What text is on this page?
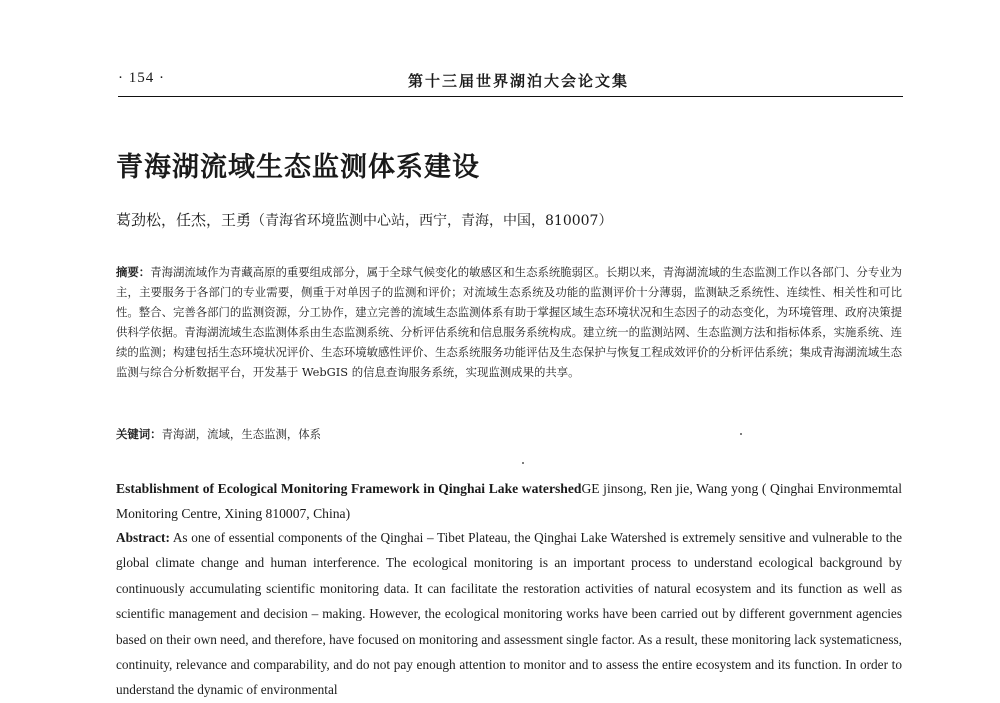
· 154 ·	第十三届世界湖泊大会论文集
青海湖流域生态监测体系建设
葛劲松，任杰，王勇（青海省环境监测中心站，西宁，青海，中国，810007）
摘要：青海湖流域作为青藏高原的重要组成部分，属于全球气候变化的敏感区和生态系统脆弱区。长期以来，青海湖流域的生态监测工作以各部门、分专业为主，主要服务于各部门的专业需要，侧重于对单因子的监测和评价；对流域生态系统及功能的监测评价十分薄弱，监测缺乏系统性、连续性、相关性和可比性。整合、完善各部门的监测资源，分工协作，建立完善的流域生态监测体系有助于掌握区域生态环境状况和生态因子的动态变化，为环境管理、政府决策提供科学依据。青海湖流域生态监测体系由生态监测系统、分析评估系统和信息服务系统构成。建立统一的监测站网、生态监测方法和指标体系，实施系统、连续的监测；构建包括生态环境状况评价、生态环境敏感性评价、生态系统服务功能评估及生态保护与恢复工程成效评价的分析评估系统；集成青海湖流域生态监测与综合分析数据平台，开发基于 WebGIS 的信息查询服务系统，实现监测成果的共享。
关键词：青海湖，流域，生态监测，体系
Establishment of Ecological Monitoring Framework in Qinghai Lake watershedGE jinsong, Ren jie, Wang yong ( Qinghai Environmemtal Monitoring Centre, Xining 810007, China)
Abstract: As one of essential components of the Qinghai – Tibet Plateau, the Qinghai Lake Watershed is extremely sensitive and vulnerable to the global climate change and human interference. The ecological monitoring is an important process to understand ecological background by continuously accumulating scientific monitoring data. It can facilitate the restoration activities of natural ecosystem and its function as well as scientific management and decision – making. However, the ecological monitoring works have been carried out by different government agencies based on their own need, and therefore, have focused on monitoring and assessment single factor. As a result, these monitoring lack systematicness, continuity, relevance and comparability, and do not pay enough attention to monitor and to assess the entire ecosystem and its function. In order to understand the dynamic of environmental
